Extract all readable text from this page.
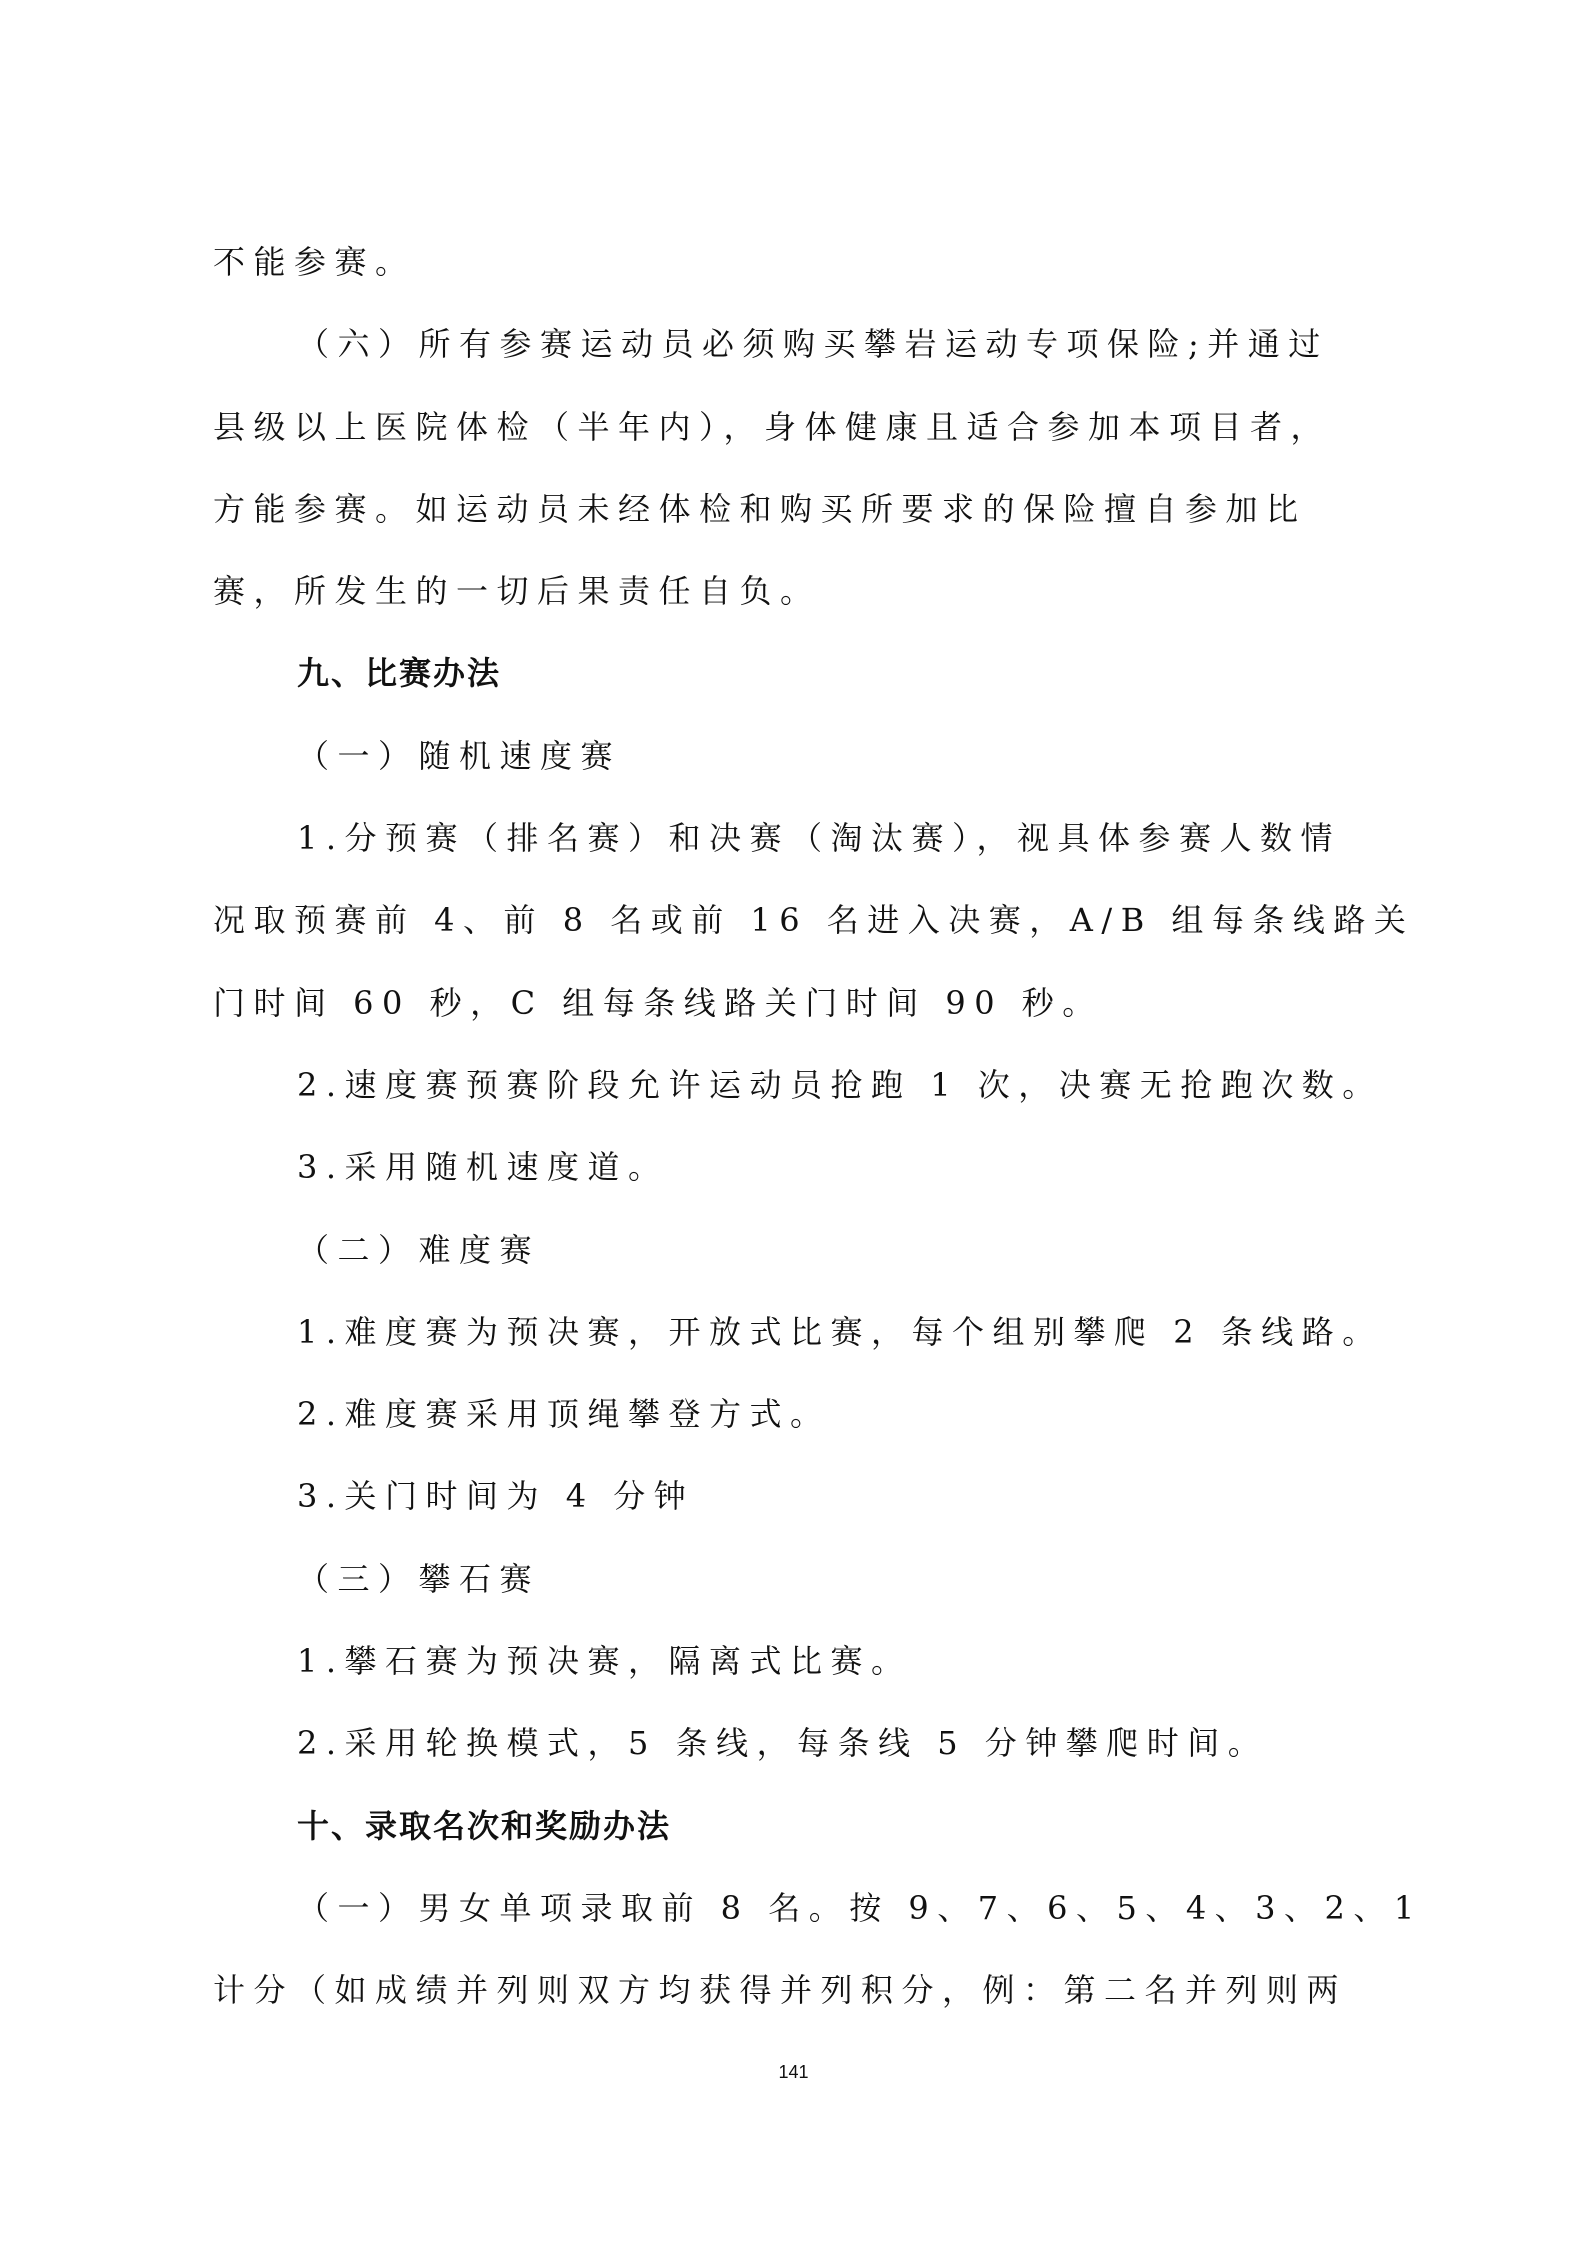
不能参赛。
（六）所有参赛运动员必须购买攀岩运动专项保险;并通过
县级以上医院体检（半年内），身体健康且适合参加本项目者，
方能参赛。如运动员未经体检和购买所要求的保险擅自参加比
赛，所发生的一切后果责任自负。
九、比赛办法
（一）随机速度赛
1.分预赛（排名赛）和决赛（淘汰赛），视具体参赛人数情
况取预赛前 4、前 8 名或前 16 名进入决赛，A/B 组每条线路关
门时间 60 秒，C 组每条线路关门时间 90 秒。
2.速度赛预赛阶段允许运动员抢跑 1 次，决赛无抢跑次数。
3.采用随机速度道。
（二）难度赛
1.难度赛为预决赛，开放式比赛，每个组别攀爬 2 条线路。
2.难度赛采用顶绳攀登方式。
3.关门时间为 4 分钟
（三）攀石赛
1.攀石赛为预决赛，隔离式比赛。
2.采用轮换模式，5 条线，每条线 5 分钟攀爬时间。
十、录取名次和奖励办法
（一）男女单项录取前 8 名。按 9、7、6、5、4、3、2、1
计分（如成绩并列则双方均获得并列积分，例：第二名并列则两
141
